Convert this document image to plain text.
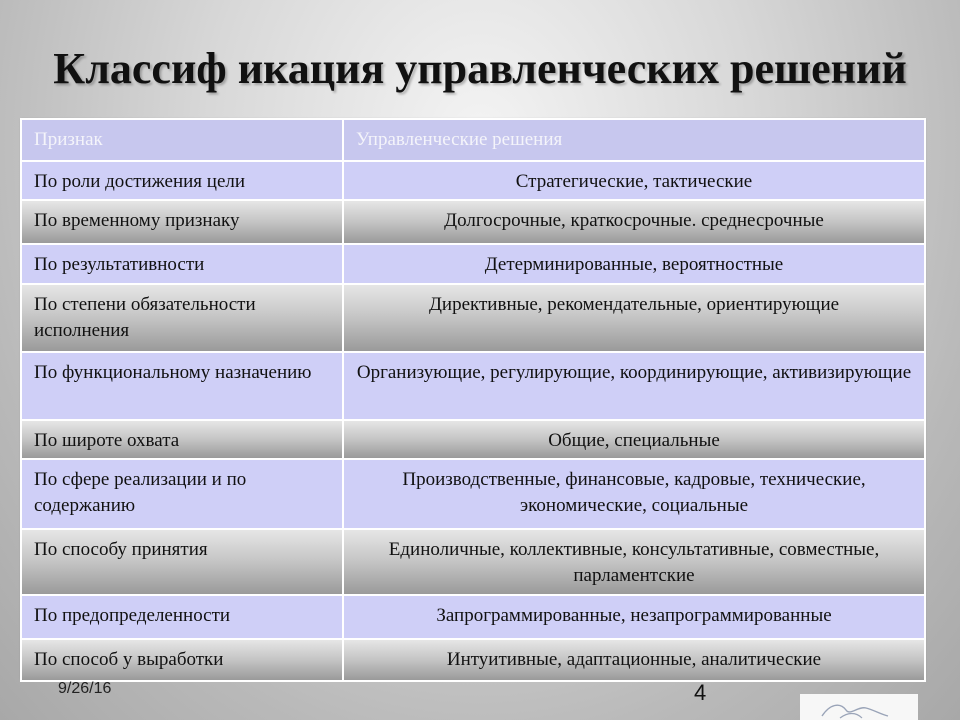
Классиф икация управленческих решений
Признак	Управленческие решения
По роли достижения цели	Стратегические, тактические
По временному признаку	Долгосрочные, краткосрочные. среднесрочные
По результативности	Детерминированные, вероятностные
По степени обязательности исполнения	Директивные, рекомендательные, ориентирующие
По функциональному назначению	Организующие, регулирующие, координирующие, активизирующие
По широте охвата	Общие, специальные
По сфере реализации и по содержанию	Производственные, финансовые, кадровые, технические, экономические, социальные
По способу принятия	Единоличные, коллективные, консультативные, совместные, парламентские
По предопределенности	Запрограммированные, незапрограммированные
По способ у выработки	Интуитивные, адаптационные, аналитические
9/26/16	4
